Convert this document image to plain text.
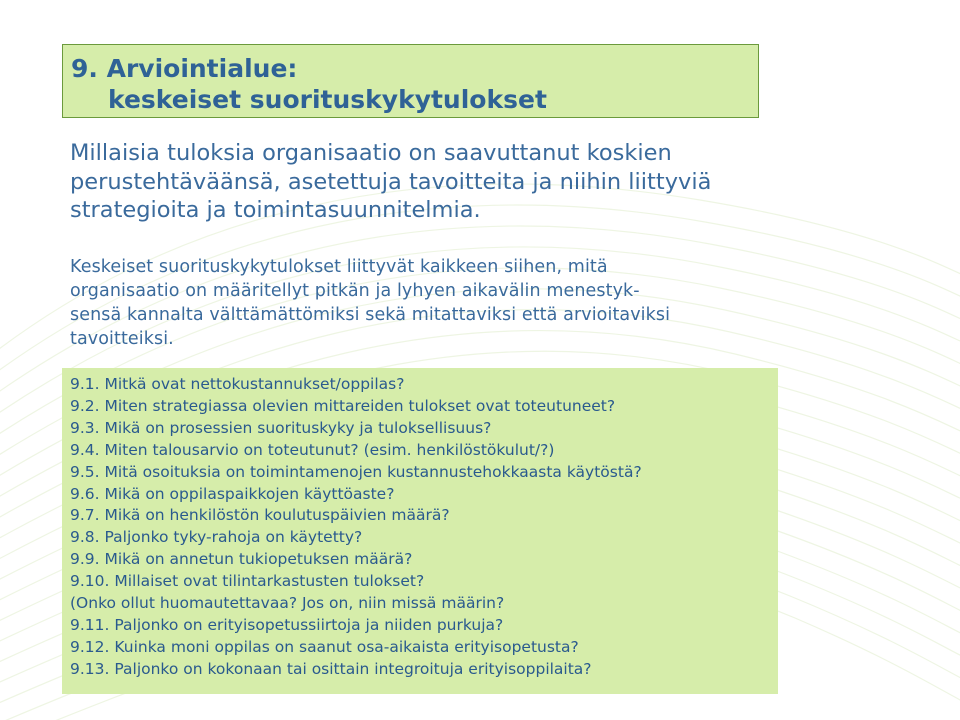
9. Arviointialue:
keskeiset suorituskykytulokset
Millaisia tuloksia organisaatio on saavuttanut koskien
perustehtäväänsä, asetettuja tavoitteita ja niihin liittyviä
strategioita ja toimintasuunnitelmia.
Keskeiset suorituskykytulokset liittyvät kaikkeen siihen, mitä
organisaatio on määritellyt pitkän ja lyhyen aikavälin menestyk-
sensä kannalta välttämättömiksi sekä mitattaviksi että arvioitaviksi
tavoitteiksi.
9.1. Mitkä ovat nettokustannukset/oppilas?
9.2. Miten strategiassa olevien mittareiden tulokset ovat toteutuneet?
9.3. Mikä on prosessien suorituskyky ja tuloksellisuus?
9.4. Miten talousarvio on toteutunut? (esim. henkilöstökulut/?)
9.5. Mitä osoituksia on toimintamenojen kustannustehokkaasta käytöstä?
9.6. Mikä on oppilaspaikkojen käyttöaste?
9.7. Mikä on henkilöstön koulutuspäivien määrä?
9.8. Paljonko tyky-rahoja on käytetty?
9.9. Mikä on annetun tukiopetuksen määrä?
9.10. Millaiset ovat tilintarkastusten tulokset?
(Onko ollut huomautettavaa? Jos on, niin missä määrin?
9.11. Paljonko on erityisopetussiirtoja ja niiden purkuja?
9.12. Kuinka moni oppilas on saanut osa-aikaista erityisopetusta?
9.13. Paljonko on kokonaan tai osittain integroituja erityisoppilaita?
